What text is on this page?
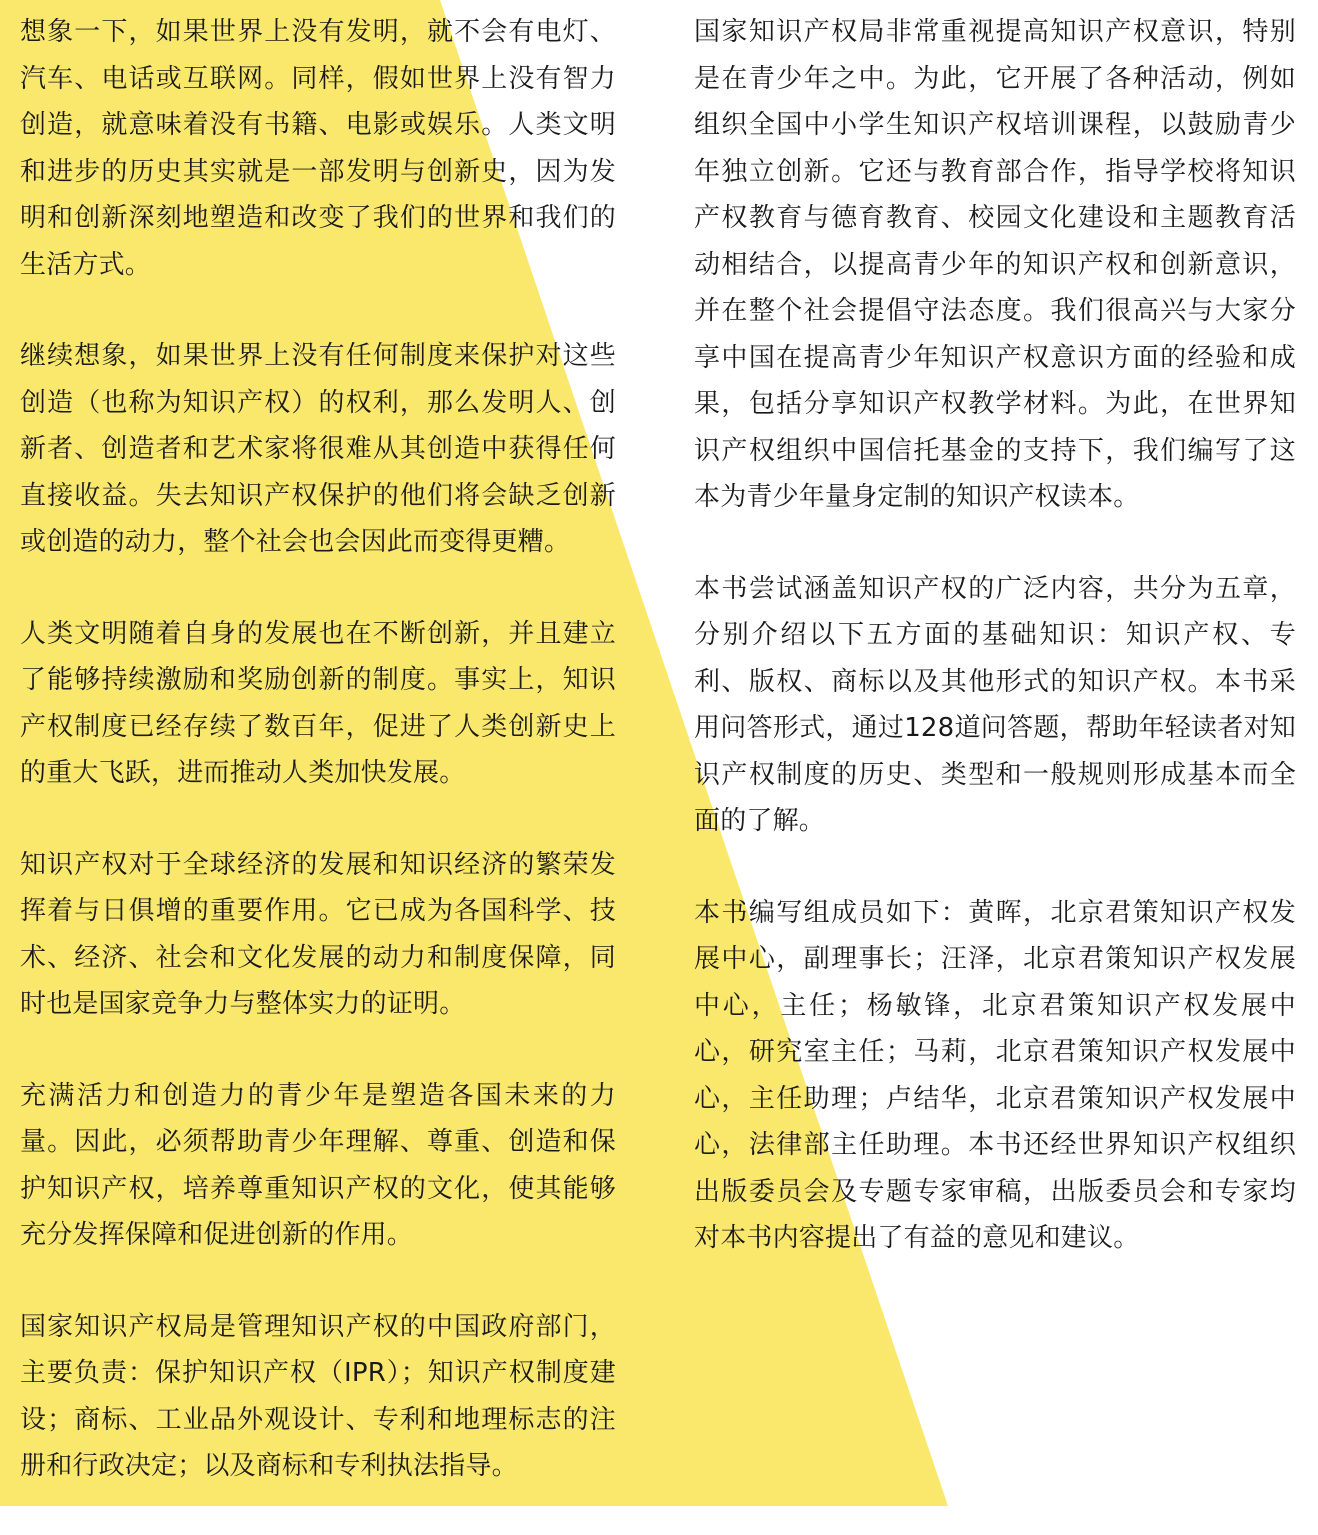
想象一下，如果世界上没有发明，就不会有电灯、汽车、电话或互联网。同样，假如世界上没有智力创造，就意味着没有书籍、电影或娱乐。人类文明和进步的历史其实就是一部发明与创新史，因为发明和创新深刻地塑造和改变了我们的世界和我们的生活方式。

继续想象，如果世界上没有任何制度来保护对这些创造（也称为知识产权）的权利，那么发明人、创新者、创造者和艺术家将很难从其创造中获得任何直接收益。失去知识产权保护的他们将会缺乏创新或创造的动力，整个社会也会因此而变得更糟。

人类文明随着自身的发展也在不断创新，并且建立了能够持续激励和奖励创新的制度。事实上，知识产权制度已经存续了数百年，促进了人类创新史上的重大飞跃，进而推动人类加快发展。

知识产权对于全球经济的发展和知识经济的繁荣发挥着与日俱增的重要作用。它已成为各国科学、技术、经济、社会和文化发展的动力和制度保障，同时也是国家竞争力与整体实力的证明。

充满活力和创造力的青少年是塑造各国未来的力量。因此，必须帮助青少年理解、尊重、创造和保护知识产权，培养尊重知识产权的文化，使其能够充分发挥保障和促进创新的作用。

国家知识产权局是管理知识产权的中国政府部门，主要负责：保护知识产权（IPR）；知识产权制度建设；商标、工业品外观设计、专利和地理标志的注册和行政决定；以及商标和专利执法指导。

国家知识产权局非常重视提高知识产权意识，特别是在青少年之中。为此，它开展了各种活动，例如组织全国中小学生知识产权培训课程，以鼓励青少年独立创新。它还与教育部合作，指导学校将知识产权教育与德育教育、校园文化建设和主题教育活动相结合，以提高青少年的知识产权和创新意识，并在整个社会提倡守法态度。我们很高兴与大家分享中国在提高青少年知识产权意识方面的经验和成果，包括分享知识产权教学材料。为此，在世界知识产权组织中国信托基金的支持下，我们编写了这本为青少年量身定制的知识产权读本。

本书尝试涵盖知识产权的广泛内容，共分为五章，分别介绍以下五方面的基础知识：知识产权、专利、版权、商标以及其他形式的知识产权。本书采用问答形式，通过128道问答题，帮助年轻读者对知识产权制度的历史、类型和一般规则形成基本而全面的了解。

本书编写组成员如下：黄晖，北京君策知识产权发展中心，副理事长；汪泽，北京君策知识产权发展中心，主任；杨敏锋，北京君策知识产权发展中心，研究室主任；马莉，北京君策知识产权发展中心，主任助理；卢结华，北京君策知识产权发展中心，法律部主任助理。本书还经世界知识产权组织出版委员会及专题专家审稿，出版委员会和专家均对本书内容提出了有益的意见和建议。
